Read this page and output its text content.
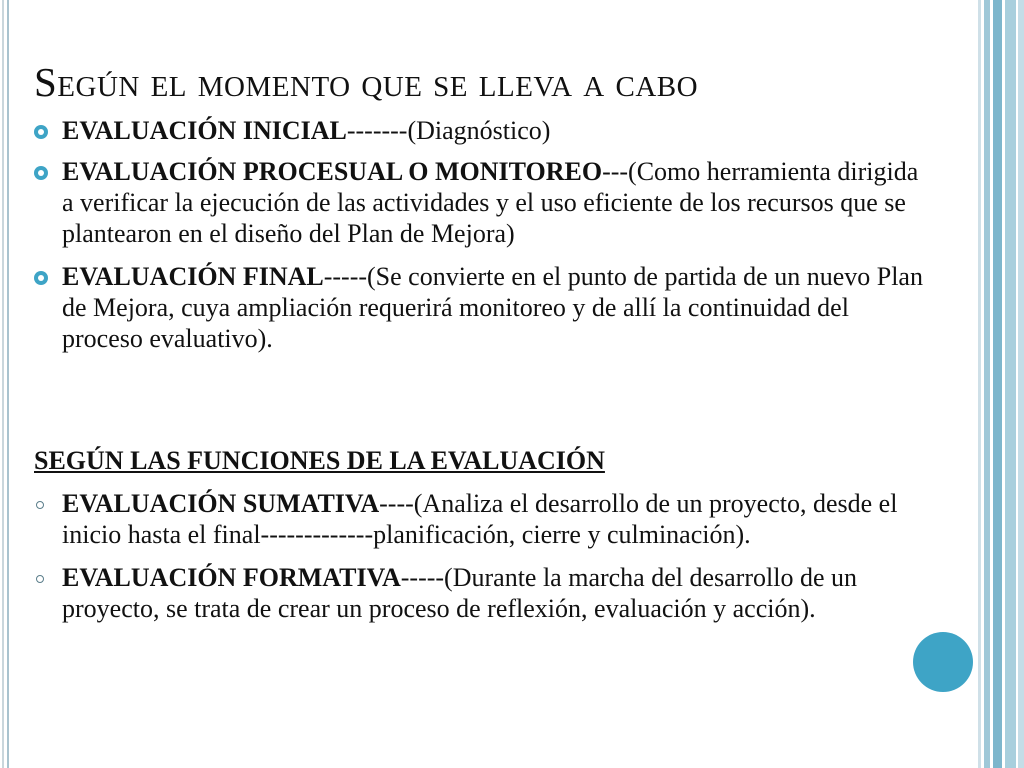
Según el momento que se lleva a cabo
EVALUACIÓN INICIAL-------(Diagnóstico)
EVALUACIÓN PROCESUAL O MONITOREO---(Como herramienta dirigida a verificar la ejecución de las actividades y el uso eficiente de los recursos que se plantearon en el diseño del Plan de Mejora)
EVALUACIÓN FINAL-----(Se convierte en el punto de partida de un nuevo Plan de Mejora, cuya ampliación requerirá monitoreo y de allí la continuidad del proceso evaluativo).
SEGÚN LAS FUNCIONES DE LA EVALUACIÓN
EVALUACIÓN SUMATIVA----(Analiza el desarrollo de un proyecto, desde el inicio hasta el final-------------planificación, cierre y culminación).
EVALUACIÓN FORMATIVA-----(Durante la marcha del desarrollo de un proyecto, se trata de crear un proceso de reflexión, evaluación y acción).
